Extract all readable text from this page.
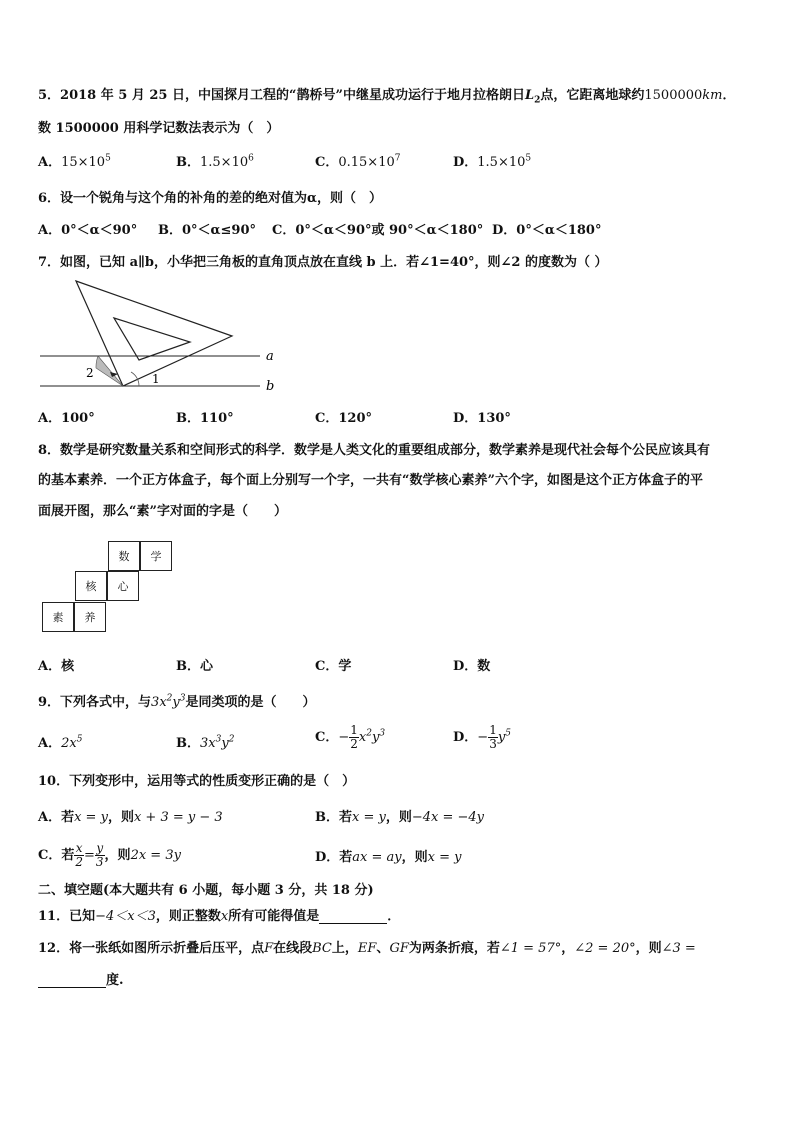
5．2018 年 5 月 25 日，中国探月工程的“鹊桥号”中继星成功运行于地月拉格朗日$L_2$点，它距离地球约1500000km．
数 1500000 用科学记数法表示为（　）
A．$15\times 10^5$	B．$1.5\times 10^6$	C．$0.15\times 10^7$	D．$1.5\times 10^5$
6．设一个锐角与这个角的补角的差的绝对值为α，则（　）
A．0°＜α＜90° B．0°＜α≤90° C．0°＜α＜90°或 90°＜α＜180° D．0°＜α＜180°
7．如图，已知 a∥b，小华把三角板的直角顶点放在直线 b 上．若∠1=40°，则∠2 的度数为（ ）
a
b
1
2
A．100°	B．110°	C．120°	D．130°
8．数学是研究数量关系和空间形式的科学．数学是人类文化的重要组成部分，数学素养是现代社会每个公民应该具有
的基本素养．一个正方体盒子，每个面上分别写一个字，一共有“数学核心素养”六个字，如图是这个正方体盒子的平
面展开图，那么“素”字对面的字是（　　）
数	学
核	心
素	养
A．核	B．心	C．学	D．数
9．下列各式中，与$3x^2y^3$是同类项的是（　　）
A．$2x^5$	B．$3x^3y^2$	C．− $\frac{1}{2} x^2y^3$	D．− $\frac{1}{3} y^5$
10．下列变形中，运用等式的性质变形正确的是（　）
A．若x = y，则x + 3 = y − 3	B．若x = y，则−4x = −4y
C．若 $\frac{x}{2} = \frac{y}{3}$ ，则2x = 3y	D．若ax = ay，则x = y
二、填空题(本大题共有 6 小题，每小题 3 分，共 18 分)
11．已知−4＜x＜3，则正整数x所有可能得值是	．
12．将一张纸如图所示折叠后压平，点F在线段BC上，EF、GF为两条折痕，若∠1 = 57°，∠2 = 20°，则∠3 =
度.
